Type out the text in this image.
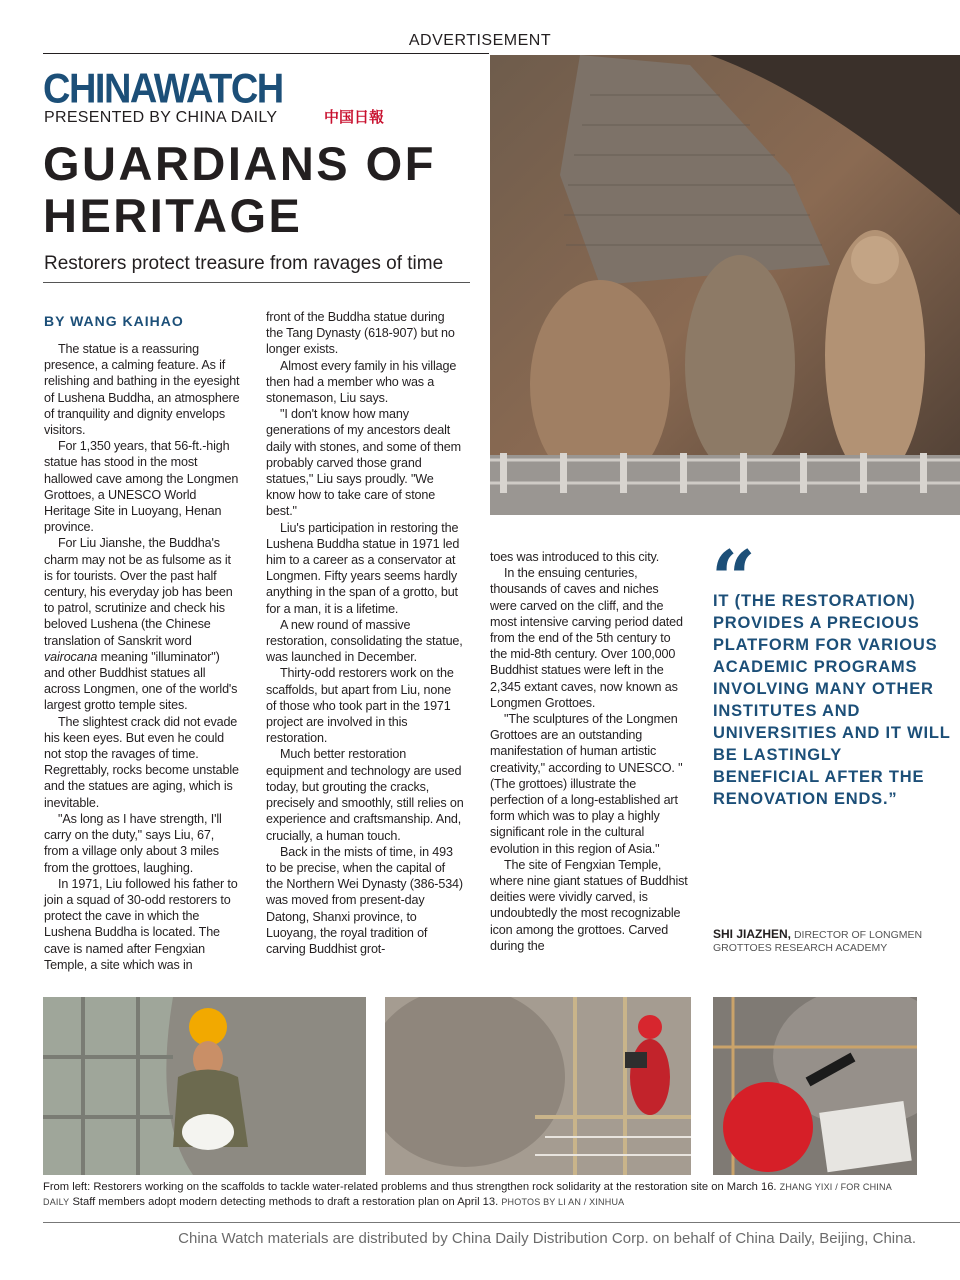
ADVERTISEMENT
CHINAWATCH
PRESENTED BY CHINA DAILY	中国日報
GUARDIANS OF HERITAGE
Restorers protect treasure from ravages of time
BY WANG KAIHAO

The statue is a reassuring presence, a calming feature. As if relishing and bathing in the eyesight of Lushena Buddha, an atmosphere of tranquility and dignity envelops visitors.

For 1,350 years, that 56-ft.-high statue has stood in the most hallowed cave among the Longmen Grottoes, a UNESCO World Heritage Site in Luoyang, Henan province.

For Liu Jianshe, the Buddha's charm may not be as fulsome as it is for tourists. Over the past half century, his everyday job has been to patrol, scrutinize and check his beloved Lushena (the Chinese translation of Sanskrit word vairocana meaning "illuminator") and other Buddhist statues all across Longmen, one of the world's largest grotto temple sites.

The slightest crack did not evade his keen eyes. But even he could not stop the ravages of time. Regrettably, rocks become unstable and the statues are aging, which is inevitable.

"As long as I have strength, I'll carry on the duty," says Liu, 67, from a village only about 3 miles from the grottoes, laughing.

In 1971, Liu followed his father to join a squad of 30-odd restorers to protect the cave in which the Lushena Buddha is located. The cave is named after Fengxian Temple, a site which was in

front of the Buddha statue during the Tang Dynasty (618-907) but no longer exists.

Almost every family in his village then had a member who was a stonemason, Liu says.

"I don't know how many generations of my ancestors dealt daily with stones, and some of them probably carved those grand statues," Liu says proudly. "We know how to take care of stone best."

Liu's participation in restoring the Lushena Buddha statue in 1971 led him to a career as a conservator at Longmen. Fifty years seems hardly anything in the span of a grotto, but for a man, it is a lifetime.

A new round of massive restoration, consolidating the statue, was launched in December.

Thirty-odd restorers work on the scaffolds, but apart from Liu, none of those who took part in the 1971 project are involved in this restoration.

Much better restoration equipment and technology are used today, but grouting the cracks, precisely and smoothly, still relies on experience and craftsmanship. And, crucially, a human touch.

Back in the mists of time, in 493 to be precise, when the capital of the Northern Wei Dynasty (386-534) was moved from present-day Datong, Shanxi province, to Luoyang, the royal tradition of carving Buddhist grot-

toes was introduced to this city.

In the ensuing centuries, thousands of caves and niches were carved on the cliff, and the most intensive carving period dated from the end of the 5th century to the mid-8th century. Over 100,000 Buddhist statues were left in the 2,345 extant caves, now known as Longmen Grottoes.

"The sculptures of the Longmen Grottoes are an outstanding manifestation of human artistic creativity," according to UNESCO. "(The grottoes) illustrate the perfection of a long-established art form which was to play a highly significant role in the cultural evolution in this region of Asia."

The site of Fengxian Temple, where nine giant statues of Buddhist deities were vividly carved, is undoubtedly the most recognizable icon among the grottoes. Carved during the

“
IT (THE RESTORATION) PROVIDES A PRECIOUS PLATFORM FOR VARIOUS ACADEMIC PROGRAMS INVOLVING MANY OTHER INSTITUTES AND UNIVERSITIES AND IT WILL BE LASTINGLY BENEFICIAL AFTER THE RENOVATION ENDS.”
SHI JIAZHEN, DIRECTOR OF LONGMEN GROTTOES RESEARCH ACADEMY
From left: Restorers working on the scaffolds to tackle water-related problems and thus strengthen rock solidarity at the restoration site on March 16. ZHANG YIXI / FOR CHINA DAILY Staff members adopt modern detecting methods to draft a restoration plan on April 13. PHOTOS BY LI AN / XINHUA
China Watch materials are distributed by China Daily Distribution Corp. on behalf of China Daily, Beijing, China.
